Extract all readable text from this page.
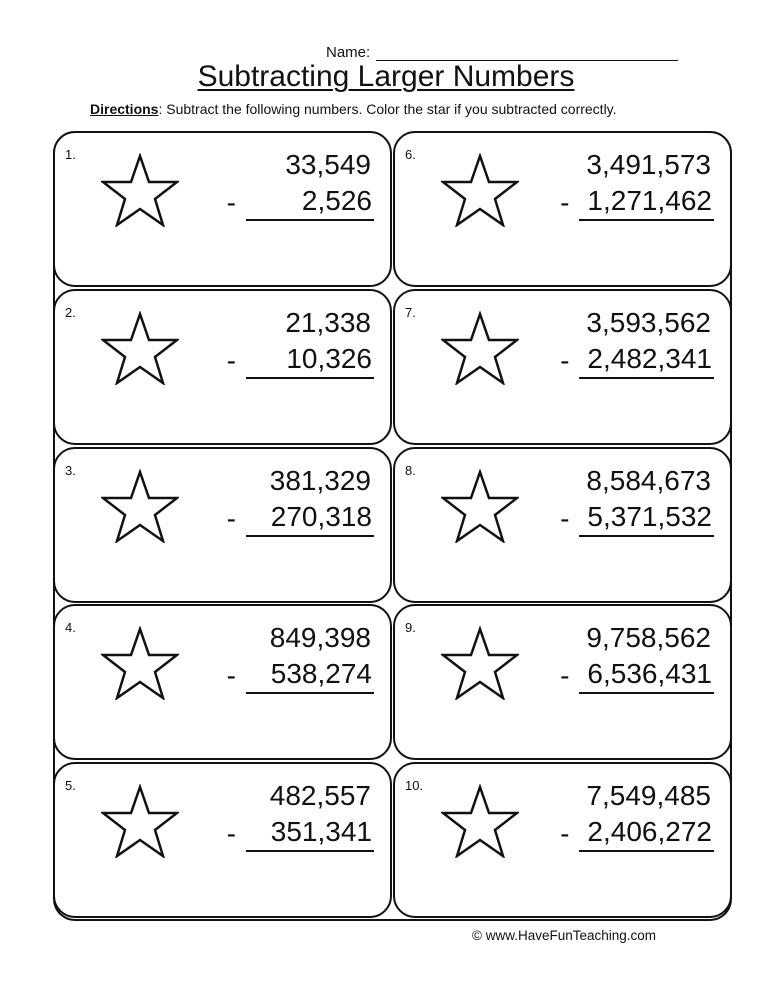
Name:
Subtracting Larger Numbers
Directions: Subtract the following numbers. Color the star if you subtracted correctly.
1.	33,549
-	2,526
6.	3,491,573
- 1,271,462
2.	21,338
-	10,326
7.	3,593,562
- 2,482,341
3.	381,329
-	270,318
8.	8,584,673
- 5,371,532
4.	849,398
-	538,274
9.	9,758,562
- 6,536,431
5.	482,557
-	351,341
10.	7,549,485
- 2,406,272
© www.HaveFunTeaching.com
